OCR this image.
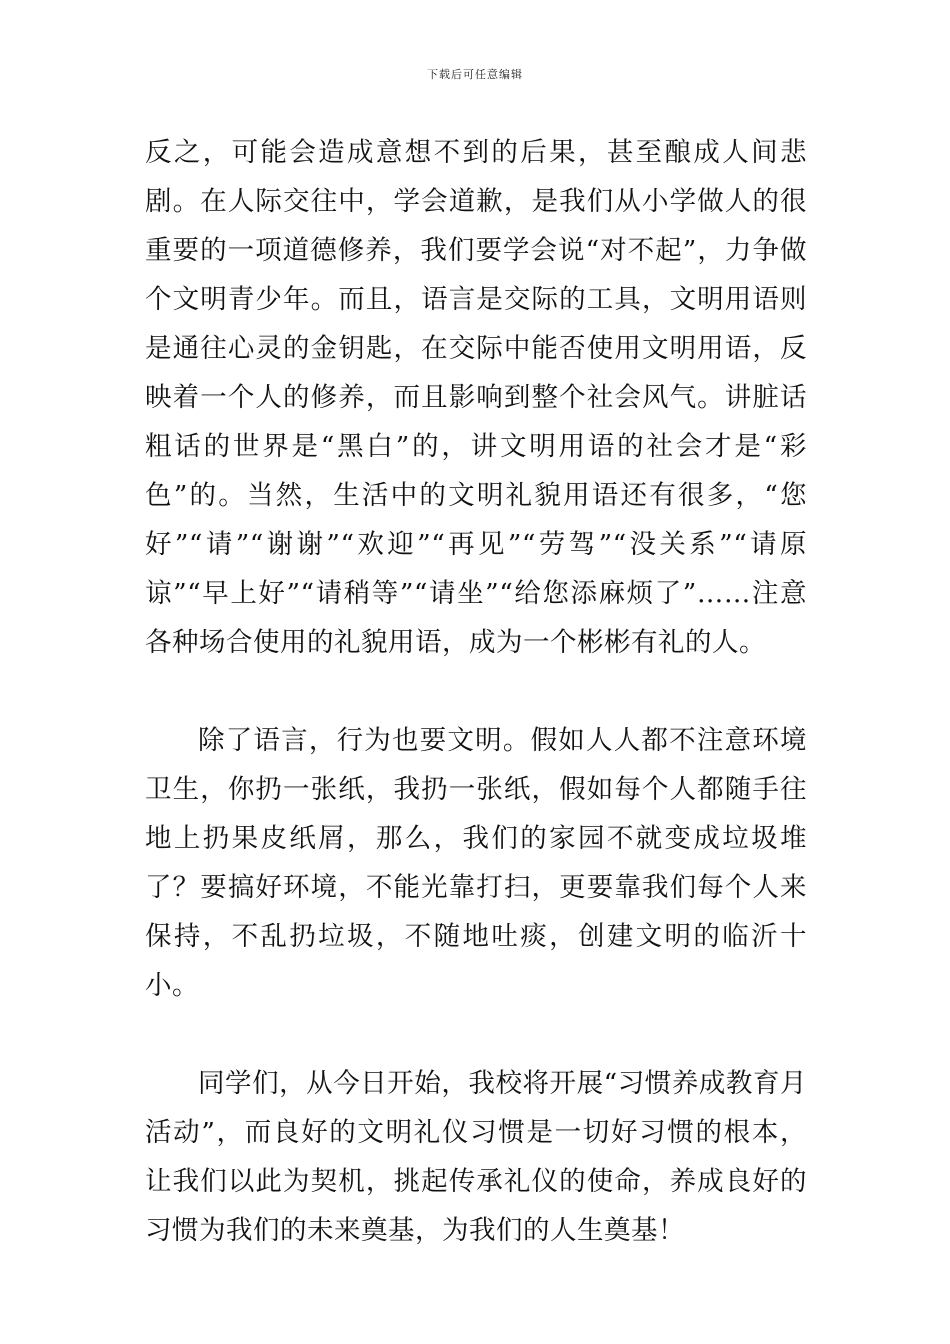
下载后可任意编辑

反之，可能会造成意想不到的后果，甚至酿成人间悲剧。在人际交往中，学会道歉，是我们从小学做人的很重要的一项道德修养，我们要学会说“对不起”，力争做个文明青少年。而且，语言是交际的工具，文明用语则是通往心灵的金钥匙，在交际中能否使用文明用语，反映着一个人的修养，而且影响到整个社会风气。讲脏话粗话的世界是“黑白”的，讲文明用语的社会才是“彩色”的。当然，生活中的文明礼貌用语还有很多，“您好”“请”“谢谢”“欢迎”“再见”“劳驾”“没关系”“请原谅”“早上好”“请稍等”“请坐”“给您添麻烦了”……注意各种场合使用的礼貌用语，成为一个彬彬有礼的人。

除了语言，行为也要文明。假如人人都不注意环境卫生，你扔一张纸，我扔一张纸，假如每个人都随手往地上扔果皮纸屑，那么，我们的家园不就变成垃圾堆了？要搞好环境，不能光靠打扫，更要靠我们每个人来保持，不乱扔垃圾，不随地吐痰，创建文明的临沂十小。

同学们，从今日开始，我校将开展“习惯养成教育月活动”，而良好的文明礼仪习惯是一切好习惯的根本，让我们以此为契机，挑起传承礼仪的使命，养成良好的习惯为我们的未来奠基，为我们的人生奠基！
